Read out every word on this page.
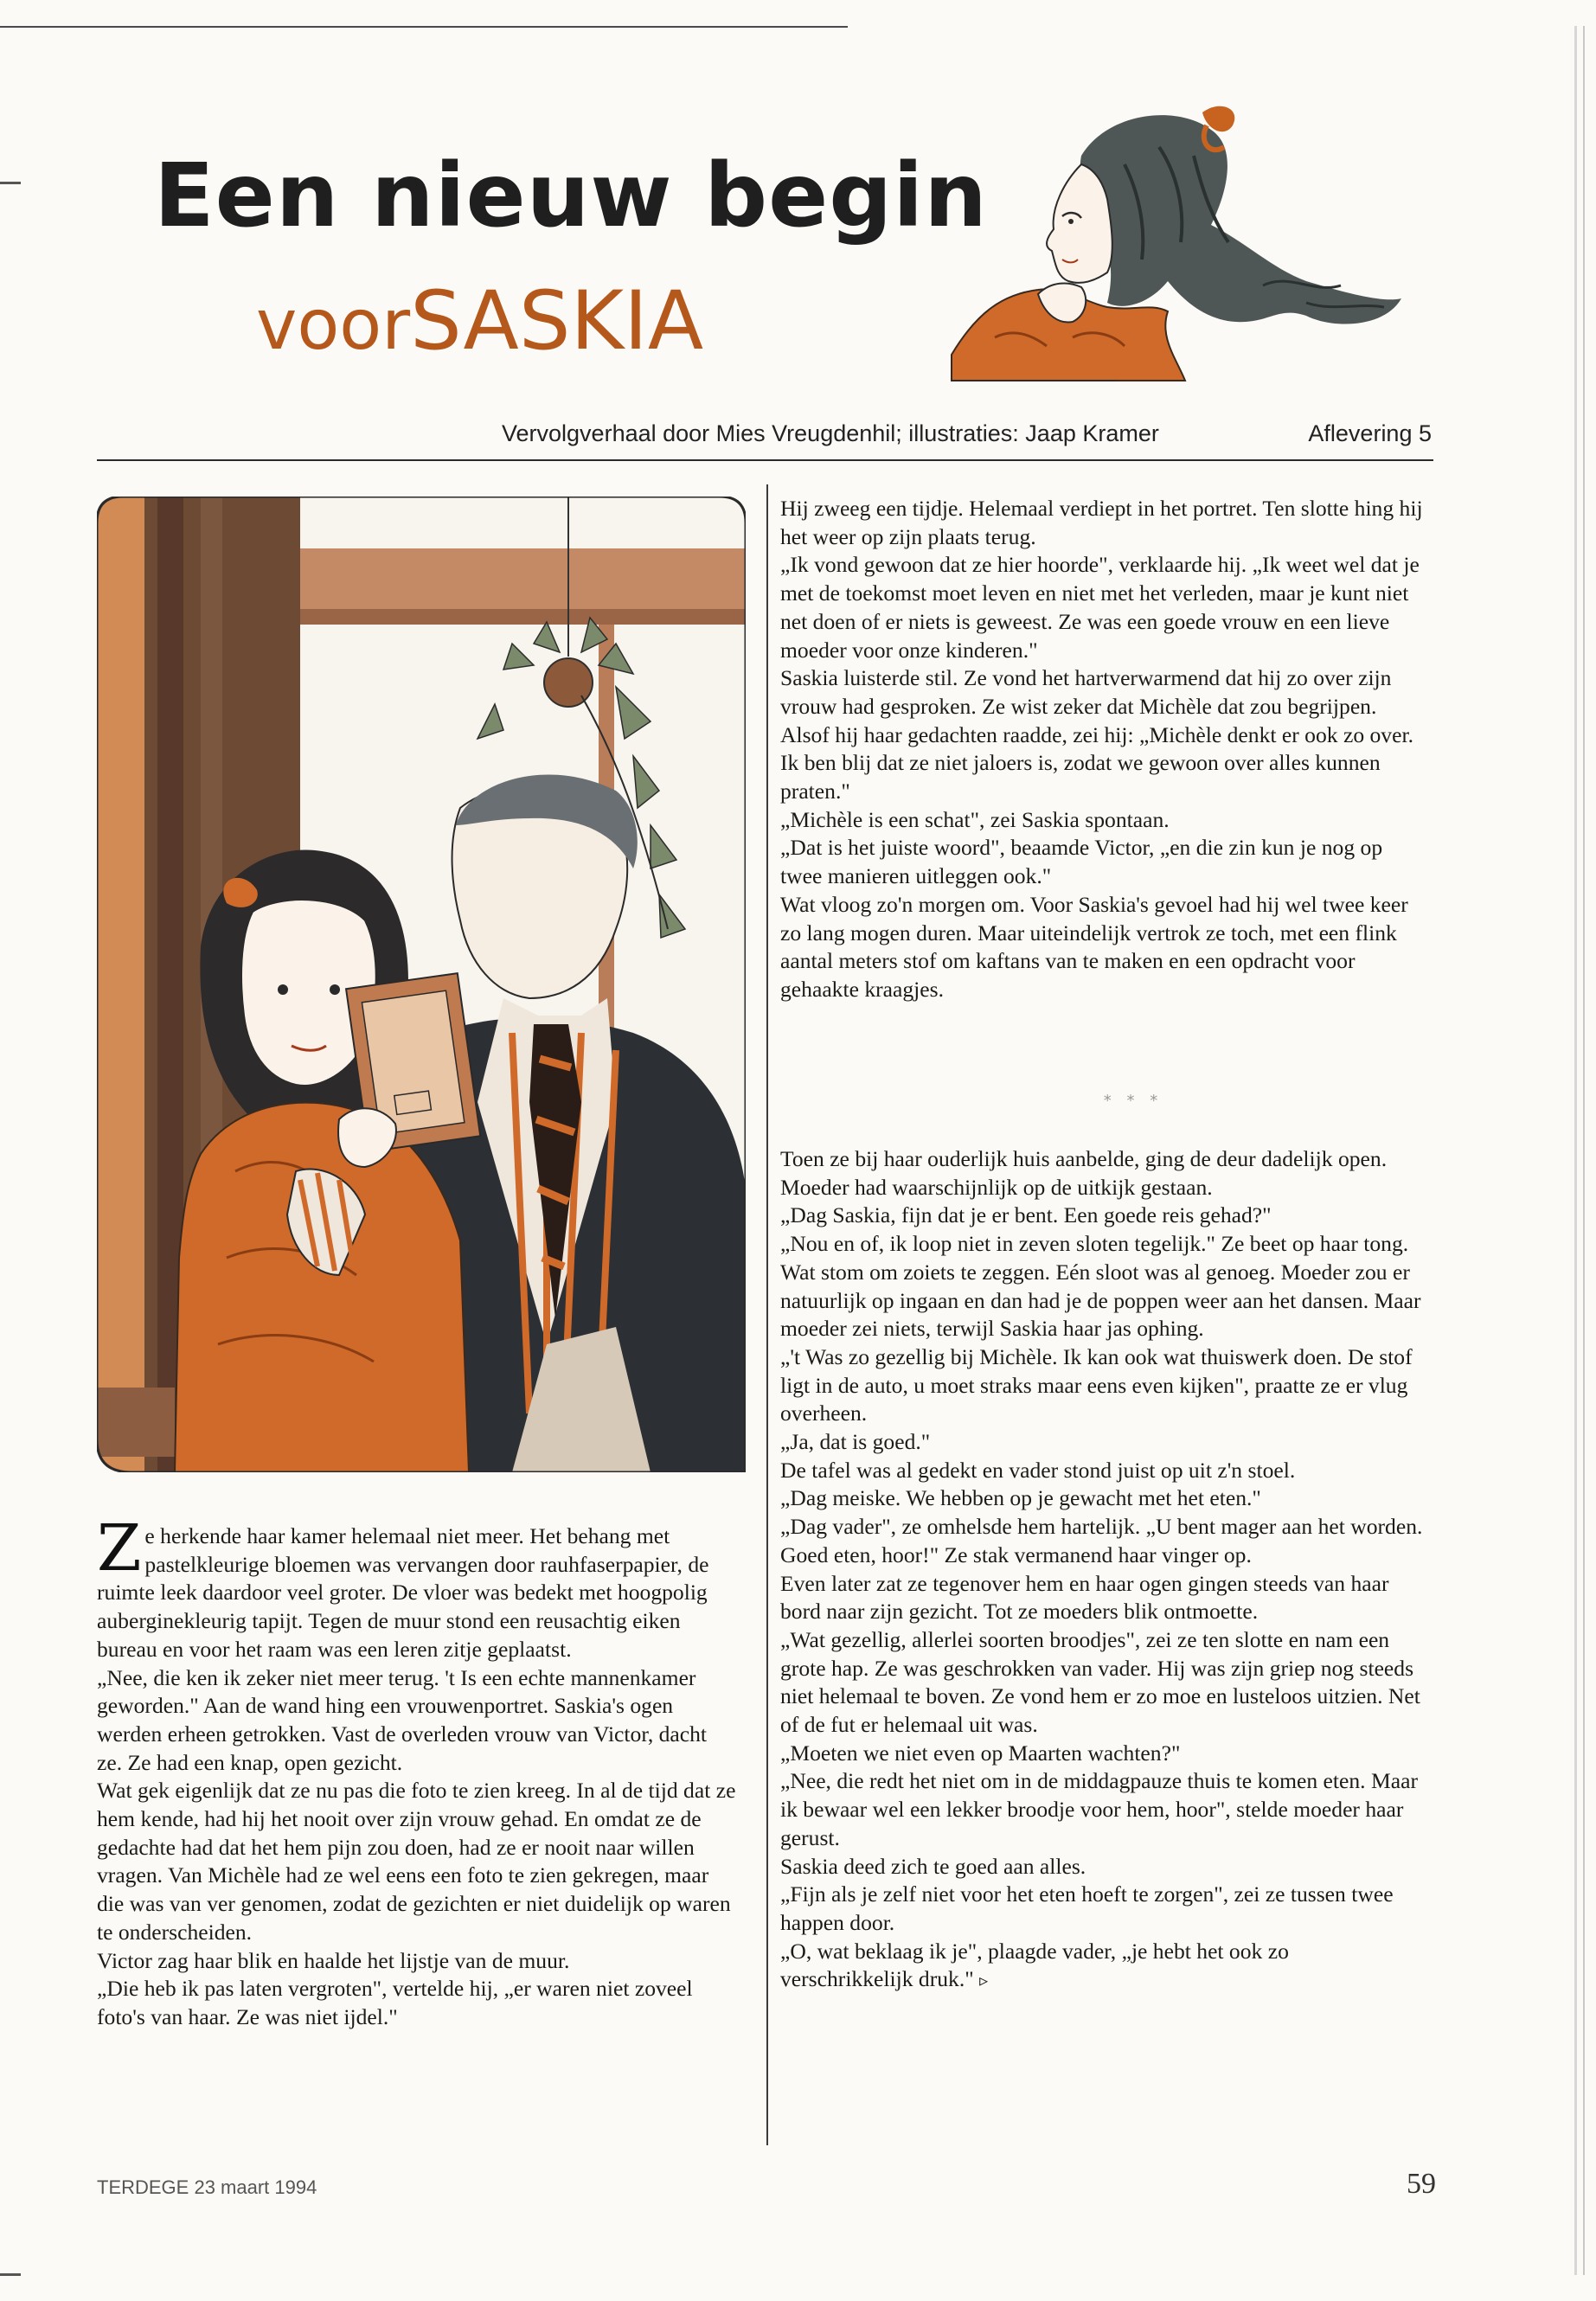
Een nieuw begin
voorSASKIA
Vervolgverhaal door Mies Vreugdenhil; illustraties: Jaap Kramer	Aflevering 5

Ze herkende haar kamer helemaal niet meer. Het behang met pastelkleurige bloemen was vervangen door rauhfaserpapier, de ruimte leek daardoor veel groter. De vloer was bedekt met hoogpolig auberginekleurig tapijt. Tegen de muur stond een reusachtig eiken bureau en voor het raam was een leren zitje geplaatst.

„Nee, die ken ik zeker niet meer terug. 't Is een echte mannenkamer geworden." Aan de wand hing een vrouwenportret. Saskia's ogen werden erheen getrokken. Vast de overleden vrouw van Victor, dacht ze. Ze had een knap, open gezicht.

Wat gek eigenlijk dat ze nu pas die foto te zien kreeg. In al de tijd dat ze hem kende, had hij het nooit over zijn vrouw gehad. En omdat ze de gedachte had dat het hem pijn zou doen, had ze er nooit naar willen vragen. Van Michèle had ze wel eens een foto te zien gekregen, maar die was van ver genomen, zodat de gezichten er niet duidelijk op waren te onderscheiden.

Victor zag haar blik en haalde het lijstje van de muur.

„Die heb ik pas laten vergroten", vertelde hij, „er waren niet zoveel foto's van haar. Ze was niet ijdel."

Hij zweeg een tijdje. Helemaal verdiept in het portret. Ten slotte hing hij het weer op zijn plaats terug.

„Ik vond gewoon dat ze hier hoorde", verklaarde hij. „Ik weet wel dat je met de toekomst moet leven en niet met het verleden, maar je kunt niet net doen of er niets is geweest. Ze was een goede vrouw en een lieve moeder voor onze kinderen."

Saskia luisterde stil. Ze vond het hartverwarmend dat hij zo over zijn vrouw had gesproken. Ze wist zeker dat Michèle dat zou begrijpen.

Alsof hij haar gedachten raadde, zei hij: „Michèle denkt er ook zo over. Ik ben blij dat ze niet jaloers is, zodat we gewoon over alles kunnen praten."

„Michèle is een schat", zei Saskia spontaan.

„Dat is het juiste woord", beaamde Victor, „en die zin kun je nog op twee manieren uitleggen ook."

Wat vloog zo'n morgen om. Voor Saskia's gevoel had hij wel twee keer zo lang mogen duren. Maar uiteindelijk vertrok ze toch, met een flink aantal meters stof om kaftans van te maken en een opdracht voor gehaakte kraagjes.

* * *

Toen ze bij haar ouderlijk huis aanbelde, ging de deur dadelijk open. Moeder had waarschijnlijk op de uitkijk gestaan.

„Dag Saskia, fijn dat je er bent. Een goede reis gehad?"

„Nou en of, ik loop niet in zeven sloten tegelijk." Ze beet op haar tong. Wat stom om zoiets te zeggen. Eén sloot was al genoeg. Moeder zou er natuurlijk op ingaan en dan had je de poppen weer aan het dansen. Maar moeder zei niets, terwijl Saskia haar jas ophing.

„'t Was zo gezellig bij Michèle. Ik kan ook wat thuiswerk doen. De stof ligt in de auto, u moet straks maar eens even kijken", praatte ze er vlug overheen.

„Ja, dat is goed."

De tafel was al gedekt en vader stond juist op uit z'n stoel.

„Dag meiske. We hebben op je gewacht met het eten."

„Dag vader", ze omhelsde hem hartelijk. „U bent mager aan het worden. Goed eten, hoor!" Ze stak vermanend haar vinger op.

Even later zat ze tegenover hem en haar ogen gingen steeds van haar bord naar zijn gezicht. Tot ze moeders blik ontmoette.

„Wat gezellig, allerlei soorten broodjes", zei ze ten slotte en nam een grote hap. Ze was geschrokken van vader. Hij was zijn griep nog steeds niet helemaal te boven. Ze vond hem er zo moe en lusteloos uitzien. Net of de fut er helemaal uit was.

„Moeten we niet even op Maarten wachten?"

„Nee, die redt het niet om in de middagpauze thuis te komen eten. Maar ik bewaar wel een lekker broodje voor hem, hoor", stelde moeder haar gerust.

Saskia deed zich te goed aan alles.

„Fijn als je zelf niet voor het eten hoeft te zorgen", zei ze tussen twee happen door.

„O, wat beklaag ik je", plaagde vader, „je hebt het ook zo verschrikkelijk druk." ▹

TERDEGE 23 maart 1994	59
